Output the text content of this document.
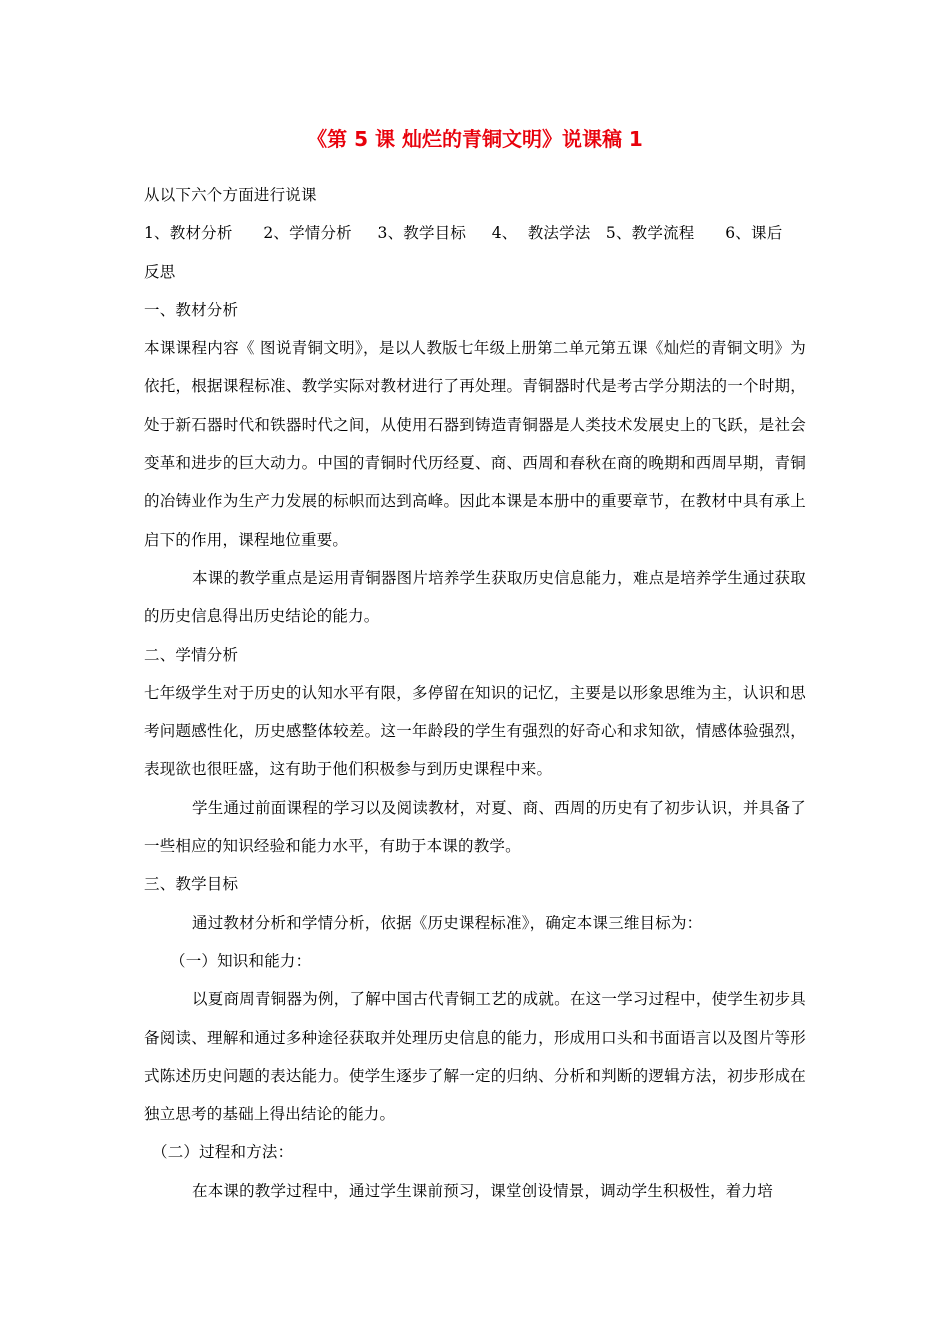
《第 5 课 灿烂的青铜文明》说课稿 1

从以下六个方面进行说课

1、教材分析      2、学情分析     3、教学目标     4、  教法学法   5、教学流程      6、课后

反思

一、教材分析

本课课程内容《 图说青铜文明》，是以人教版七年级上册第二单元第五课《灿烂的青铜文明》为依托，根据课程标准、教学实际对教材进行了再处理。青铜器时代是考古学分期法的一个时期，处于新石器时代和铁器时代之间，从使用石器到铸造青铜器是人类技术发展史上的飞跃，是社会变革和进步的巨大动力。中国的青铜时代历经夏、商、西周和春秋在商的晚期和西周早期，青铜的冶铸业作为生产力发展的标帜而达到高峰。因此本课是本册中的重要章节，在教材中具有承上启下的作用，课程地位重要。

本课的教学重点是运用青铜器图片培养学生获取历史信息能力，难点是培养学生通过获取的历史信息得出历史结论的能力。

二、学情分析

七年级学生对于历史的认知水平有限，多停留在知识的记忆，主要是以形象思维为主，认识和思考问题感性化，历史感整体较差。这一年龄段的学生有强烈的好奇心和求知欲，情感体验强烈，表现欲也很旺盛，这有助于他们积极参与到历史课程中来。

学生通过前面课程的学习以及阅读教材，对夏、商、西周的历史有了初步认识，并具备了一些相应的知识经验和能力水平，有助于本课的教学。

三、教学目标

通过教材分析和学情分析，依据《历史课程标准》，确定本课三维目标为：

（一）知识和能力：

以夏商周青铜器为例，了解中国古代青铜工艺的成就。在这一学习过程中，使学生初步具备阅读、理解和通过多种途径获取并处理历史信息的能力，形成用口头和书面语言以及图片等形式陈述历史问题的表达能力。使学生逐步了解一定的归纳、分析和判断的逻辑方法，初步形成在独立思考的基础上得出结论的能力。

（二）过程和方法：

在本课的教学过程中，通过学生课前预习，课堂创设情景，调动学生积极性，着力培
